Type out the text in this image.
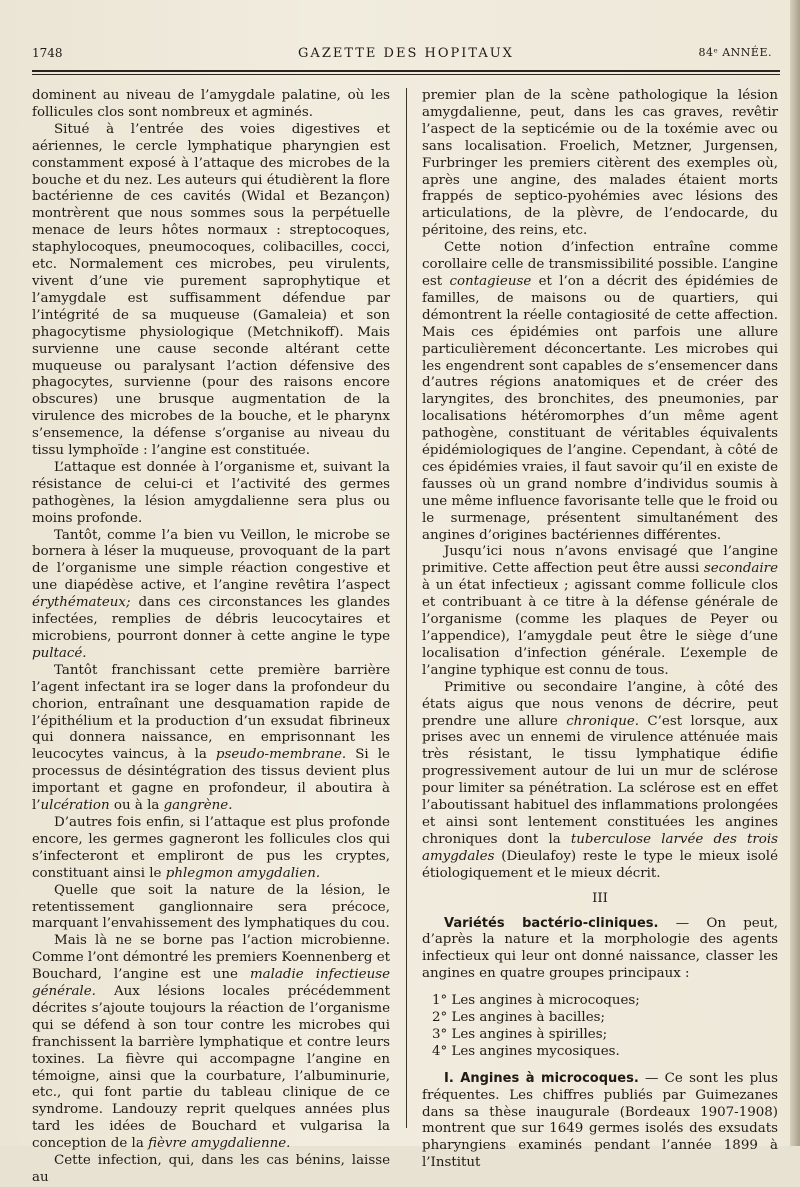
1748	GAZETTE DES HOPITAUX	84ᵉ ANNÉE.

dominent au niveau de l’amygdale palatine, où les follicules clos sont nombreux et agminés.

Situé à l’entrée des voies digestives et aériennes, le cercle lymphatique pharyngien est constamment exposé à l’attaque des microbes de la bouche et du nez. Les auteurs qui étudièrent la flore bactérienne de ces cavités (Widal et Bezançon) montrèrent que nous sommes sous la perpétuelle menace de leurs hôtes normaux : streptocoques, staphylocoques, pneumocoques, colibacilles, cocci, etc. Normalement ces microbes, peu virulents, vivent d’une vie purement saprophytique et l’amygdale est suffisamment défendue par l’intégrité de sa muqueuse (Gamaleia) et son phagocytisme physiologique (Metchnikoff). Mais survienne une cause seconde altérant cette muqueuse ou paralysant l’action défensive des phagocytes, survienne (pour des raisons encore obscures) une brusque augmentation de la virulence des microbes de la bouche, et le pharynx s’ensemence, la défense s’organise au niveau du tissu lymphoïde : l’angine est constituée.

L’attaque est donnée à l’organisme et, suivant la résistance de celui-ci et l’activité des germes pathogènes, la lésion amygdalienne sera plus ou moins profonde.

Tantôt, comme l’a bien vu Veillon, le microbe se bornera à léser la muqueuse, provoquant de la part de l’organisme une simple réaction congestive et une diapédèse active, et l’angine revêtira l’aspect érythémateux; dans ces circonstances les glandes infectées, remplies de débris leucocytaires et microbiens, pourront donner à cette angine le type pultacé.

Tantôt franchissant cette première barrière l’agent infectant ira se loger dans la profondeur du chorion, entraînant une desquamation rapide de l’épithélium et la production d’un exsudat fibrineux qui donnera naissance, en emprisonnant les leucocytes vaincus, à la pseudo-membrane. Si le processus de désintégration des tissus devient plus important et gagne en profondeur, il aboutira à l’ulcération ou à la gangrène.

D’autres fois enfin, si l’attaque est plus profonde encore, les germes gagneront les follicules clos qui s’infecteront et empliront de pus les cryptes, constituant ainsi le phlegmon amygdalien.

Quelle que soit la nature de la lésion, le retentissement ganglionnaire sera précoce, marquant l’envahissement des lymphatiques du cou.

Mais là ne se borne pas l’action microbienne. Comme l’ont démontré les premiers Koennenberg et Bouchard, l’angine est une maladie infectieuse générale. Aux lésions locales précédemment décrites s’ajoute toujours la réaction de l’organisme qui se défend à son tour contre les microbes qui franchissent la barrière lymphatique et contre leurs toxines. La fièvre qui accompagne l’angine en témoigne, ainsi que la courbature, l’albuminurie, etc., qui font partie du tableau clinique de ce syndrome. Landouzy reprit quelques années plus tard les idées de Bouchard et vulgarisa la conception de la fièvre amygdalienne.

Cette infection, qui, dans les cas bénins, laisse au

premier plan de la scène pathologique la lésion amygdalienne, peut, dans les cas graves, revêtir l’aspect de la septicémie ou de la toxémie avec ou sans localisation. Froelich, Metzner, Jurgensen, Furbringer les premiers citèrent des exemples où, après une angine, des malades étaient morts frappés de septico-pyohémies avec lésions des articulations, de la plèvre, de l’endocarde, du péritoine, des reins, etc.

Cette notion d’infection entraîne comme corollaire celle de transmissibilité possible. L’angine est contagieuse et l’on a décrit des épidémies de familles, de maisons ou de quartiers, qui démontrent la réelle contagiosité de cette affection. Mais ces épidémies ont parfois une allure particulièrement déconcertante. Les microbes qui les engendrent sont capables de s’ensemencer dans d’autres régions anatomiques et de créer des laryngites, des bronchites, des pneumonies, par localisations hétéromorphes d’un même agent pathogène, constituant de véritables équivalents épidémiologiques de l’angine. Cependant, à côté de ces épidémies vraies, il faut savoir qu’il en existe de fausses où un grand nombre d’individus soumis à une même influence favorisante telle que le froid ou le surmenage, présentent simultanément des angines d’origines bactériennes différentes.

Jusqu’ici nous n’avons envisagé que l’angine primitive. Cette affection peut être aussi secondaire à un état infectieux ; agissant comme follicule clos et contribuant à ce titre à la défense générale de l’organisme (comme les plaques de Peyer ou l’appendice), l’amygdale peut être le siège d’une localisation d’infection générale. L’exemple de l’angine typhique est connu de tous.

Primitive ou secondaire l’angine, à côté des états aigus que nous venons de décrire, peut prendre une allure chronique. C’est lorsque, aux prises avec un ennemi de virulence atténuée mais très résistant, le tissu lymphatique édifie progressivement autour de lui un mur de sclérose pour limiter sa pénétration. La sclérose est en effet l’aboutissant habituel des inflammations prolongées et ainsi sont lentement constituées les angines chroniques dont la tuberculose larvée des trois amygdales (Dieulafoy) reste le type le mieux isolé étiologiquement et le mieux décrit.

III

Variétés bactério-cliniques. — On peut, d’après la nature et la morphologie des agents infectieux qui leur ont donné naissance, classer les angines en quatre groupes principaux :

1° Les angines à microcoques;

2° Les angines à bacilles;

3° Les angines à spirilles;

4° Les angines mycosiques.

I. Angines à microcoques. — Ce sont les plus fréquentes. Les chiffres publiés par Guimezanes dans sa thèse inaugurale (Bordeaux 1907-1908) montrent que sur 1649 germes isolés des exsudats pharyngiens examinés pendant l’année 1899 à l’Institut
